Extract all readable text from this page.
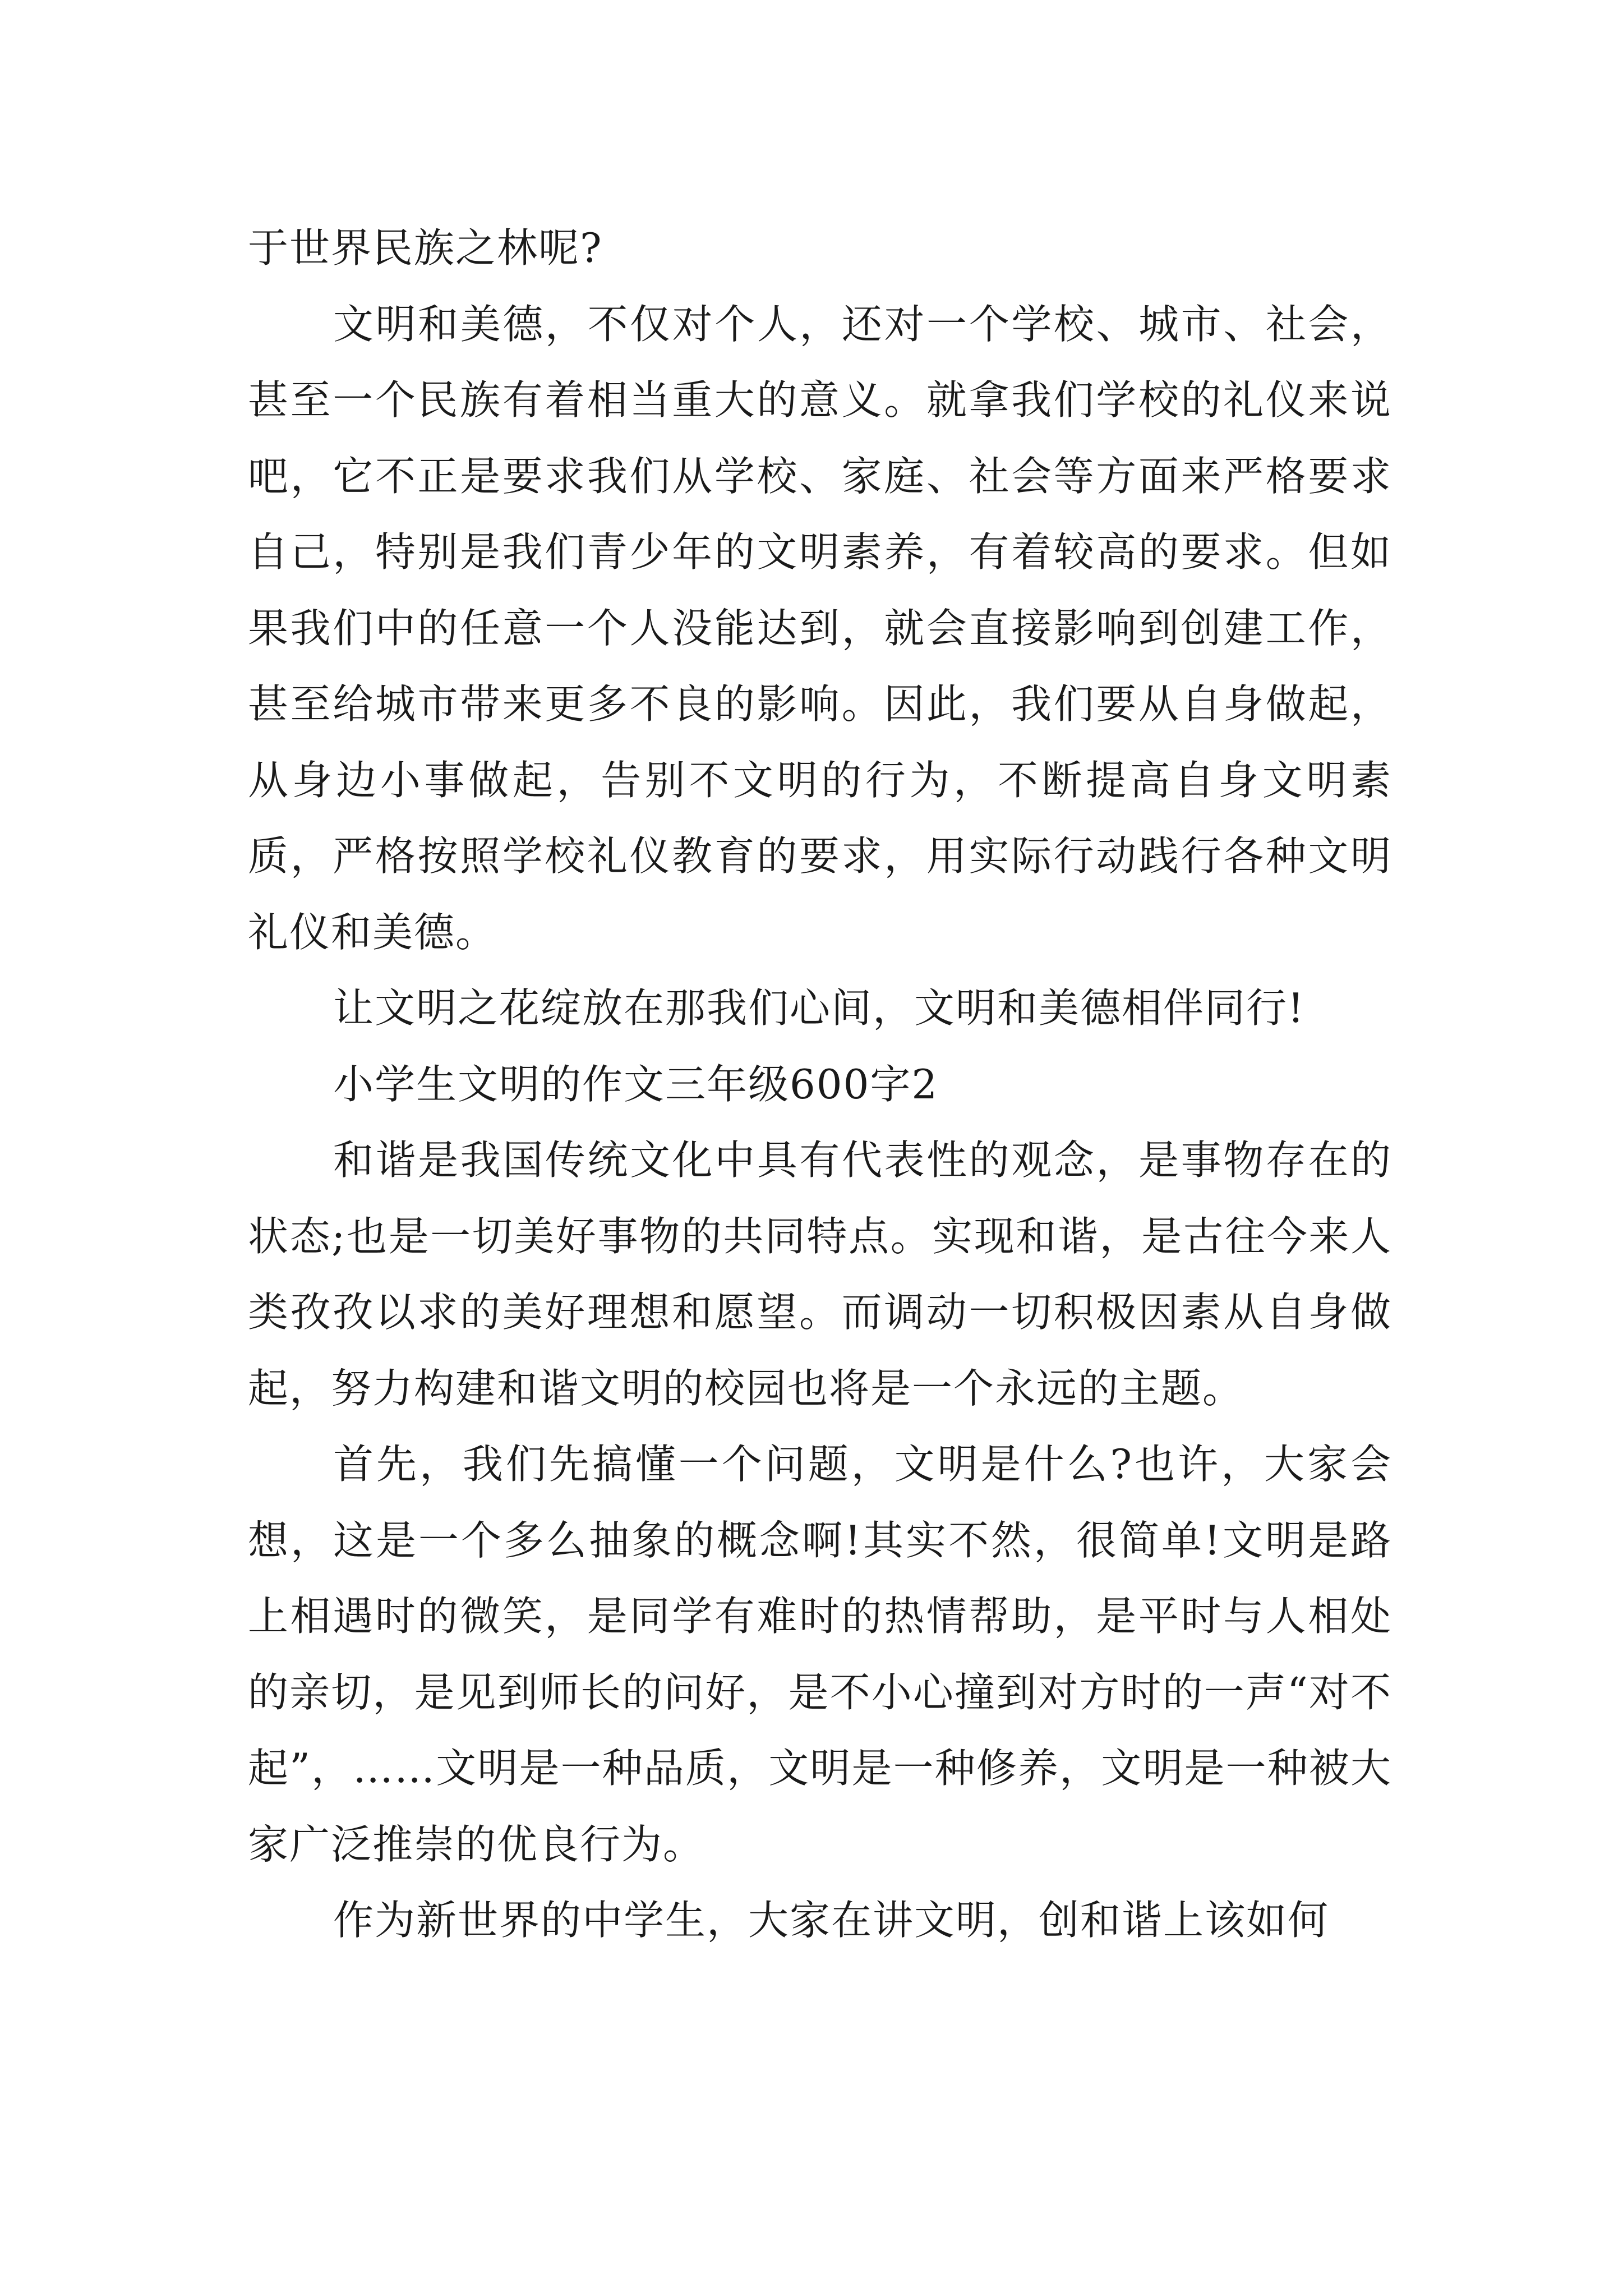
于世界民族之林呢?

文明和美德，不仅对个人，还对一个学校、城市、社会，甚至一个民族有着相当重大的意义。就拿我们学校的礼仪来说吧，它不正是要求我们从学校、家庭、社会等方面来严格要求自己，特别是我们青少年的文明素养，有着较高的要求。但如果我们中的任意一个人没能达到，就会直接影响到创建工作，甚至给城市带来更多不良的影响。因此，我们要从自身做起，从身边小事做起，告别不文明的行为，不断提高自身文明素质，严格按照学校礼仪教育的要求，用实际行动践行各种文明礼仪和美德。

让文明之花绽放在那我们心间，文明和美德相伴同行!

小学生文明的作文三年级600字2

和谐是我国传统文化中具有代表性的观念，是事物存在的状态;也是一切美好事物的共同特点。实现和谐，是古往今来人类孜孜以求的美好理想和愿望。而调动一切积极因素从自身做起，努力构建和谐文明的校园也将是一个永远的主题。

首先，我们先搞懂一个问题，文明是什么?也许，大家会想，这是一个多么抽象的概念啊!其实不然，很简单!文明是路上相遇时的微笑，是同学有难时的热情帮助，是平时与人相处的亲切，是见到师长的问好，是不小心撞到对方时的一声“对不起”，……文明是一种品质，文明是一种修养，文明是一种被大家广泛推崇的优良行为。

作为新世界的中学生，大家在讲文明，创和谐上该如何
